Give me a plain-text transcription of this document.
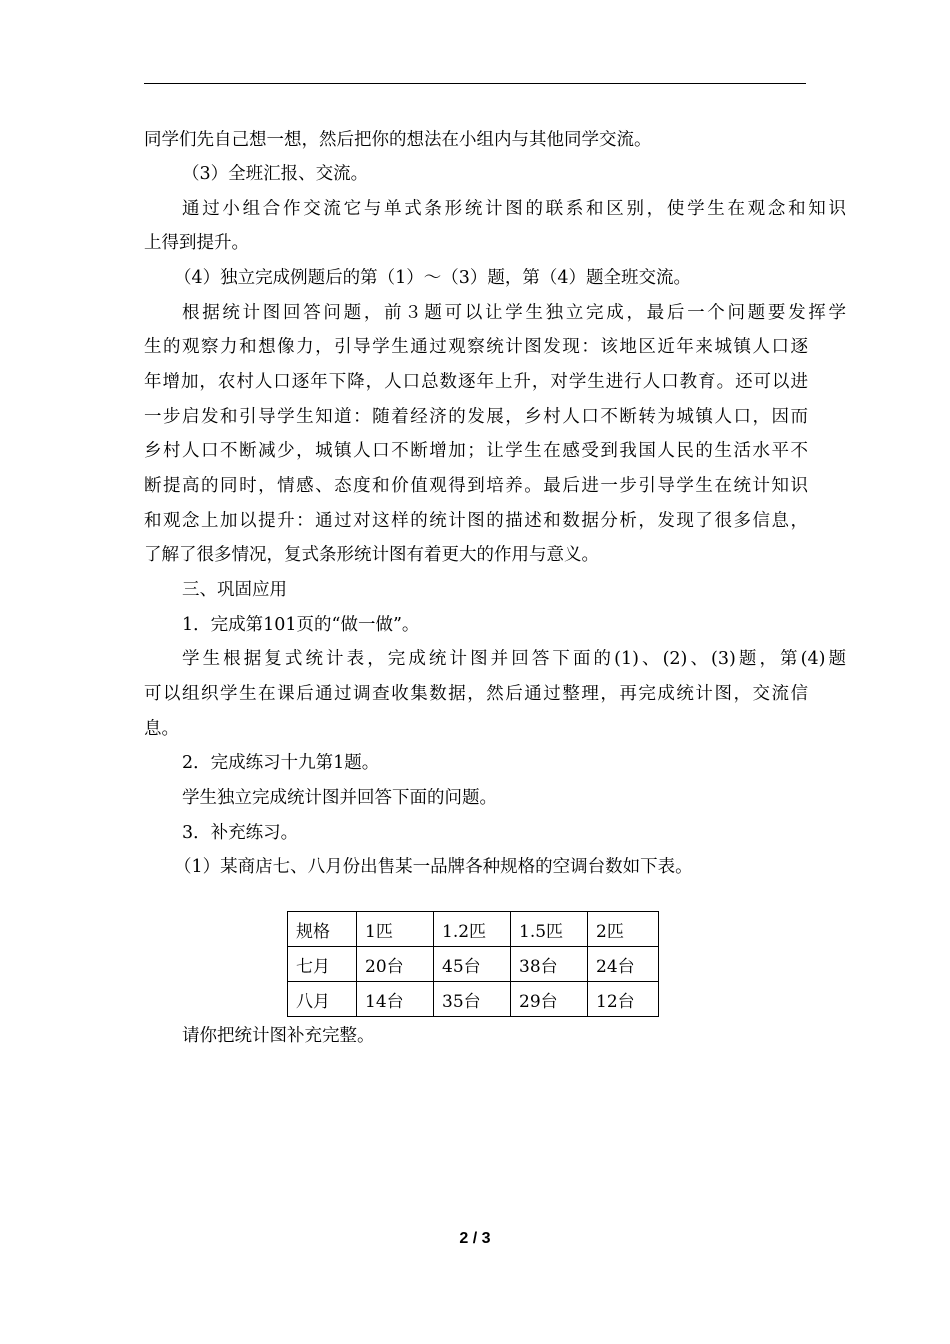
同学们先自己想一想，然后把你的想法在小组内与其他同学交流。
（3）全班汇报、交流。
通过小组合作交流它与单式条形统计图的联系和区别，使学生在观念和知识
上得到提升。
（4）独立完成例题后的第（1）～（3）题，第（4）题全班交流。
根据统计图回答问题，前３题可以让学生独立完成，最后一个问题要发挥学
生的观察力和想像力，引导学生通过观察统计图发现：该地区近年来城镇人口逐
年增加，农村人口逐年下降，人口总数逐年上升，对学生进行人口教育。还可以进
一步启发和引导学生知道：随着经济的发展，乡村人口不断转为城镇人口，因而
乡村人口不断减少，城镇人口不断增加；让学生在感受到我国人民的生活水平不
断提高的同时，情感、态度和价值观得到培养。最后进一步引导学生在统计知识
和观念上加以提升：通过对这样的统计图的描述和数据分析，发现了很多信息，
了解了很多情况，复式条形统计图有着更大的作用与意义。
三、巩固应用
1．完成第101页的“做一做”。
学生根据复式统计表，完成统计图并回答下面的(1)、(2)、(3)题，第(4)题
可以组织学生在课后通过调查收集数据，然后通过整理，再完成统计图，交流信
息。
2．完成练习十九第1题。
学生独立完成统计图并回答下面的问题。
3．补充练习。
（1）某商店七、八月份出售某一品牌各种规格的空调台数如下表。
规格	1匹	1.2匹	1.5匹	2匹
七月	20台	45台	38台	24台
八月	14台	35台	29台	12台
请你把统计图补充完整。
2 / 3
